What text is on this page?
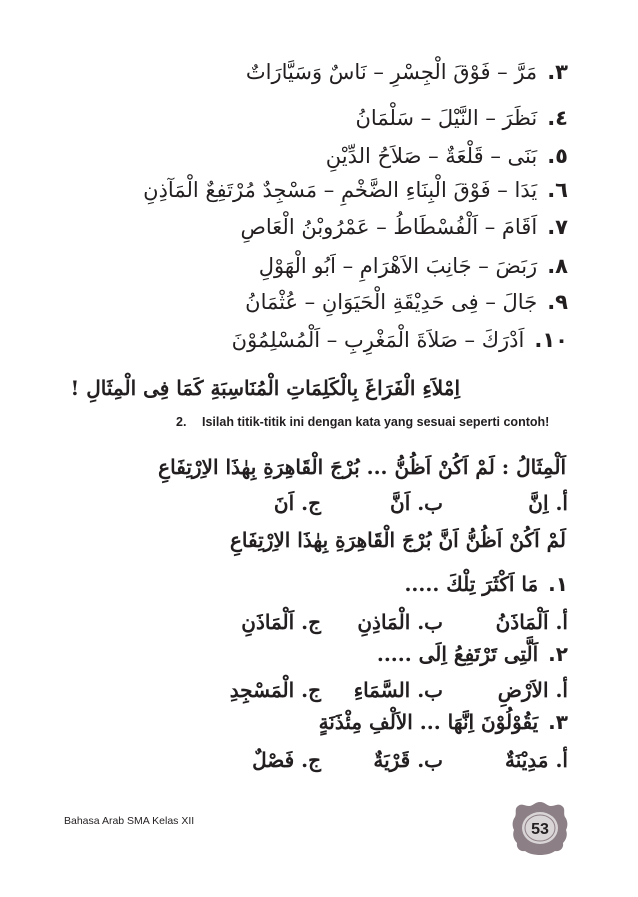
٣.مَرَّ – فَوْقَ الْجِسْرِ – نَاسٌ وَسَيَّارَاتٌ
٤.نَظَرَ – النَّيْلَ – سَلْمَانُ
٥.بَنَى – قَلْعَةٌ – صَلاَحُ الدِّيْنِ
٦.يَدَا – فَوْقَ الْبِنَاءِ الضَّخْمِ – مَسْجِدٌ مُرْتَفِعٌ الْمَآذِنِ
٧.اَقَامَ – اَلْفُسْطَاطُ – عَمْرُوبْنُ الْعَاصِ
٨.رَبَضَ – جَانِبَ الاَهْرَامِ – اَبُو الْهَوْلِ
٩.جَالَ – فِى حَدِيْقَةِ الْحَيَوَانِ – عُثْمَانُ
١٠.اَدْرَكَ – صَلاَةَ الْمَغْرِبِ – اَلْمُسْلِمُوْنَ
اِمْلاَءِ الْفَرَاغَ بِالْكَلِمَاتِ الْمُنَاسِبَةِ كَمَا فِى الْمِثَالِ !
2. Isilah titik-titik ini dengan kata yang sesuai seperti contoh!
اَلْمِثَالُ : لَمْ اَكُنْ اَظُنُّ ... بُرْجَ الْقَاهِرَةِ بِهٰذَا الاِرْتِفَاعِ
أ. اِنَّب. اَنَّج. اَنَ
لَمْ اَكُنْ اَظُنُّ اَنَّ بُرْجَ الْقَاهِرَةِ بِهٰذَا الاِرْتِفَاعِ
١.مَا اَكْثَرَ تِلْكَ .....
أ. اَلْمَاذَنُب. الْمَاذِنِج. اَلْمَاذَنِ
٢.اَلَّتِى تَرْتَفِعُ اِلَى .....
أ. الاَرْضِب. السَّمَاءِج. الْمَسْجِدِ
٣.يَقُوْلُوْنَ اِنَّهَا ... الاَلْفِ مِئْذَنَةٍ
أ. مَدِيْنَةٌب. قَرْيَةٌج. فَصْلٌ
Bahasa Arab SMA Kelas XII	53
